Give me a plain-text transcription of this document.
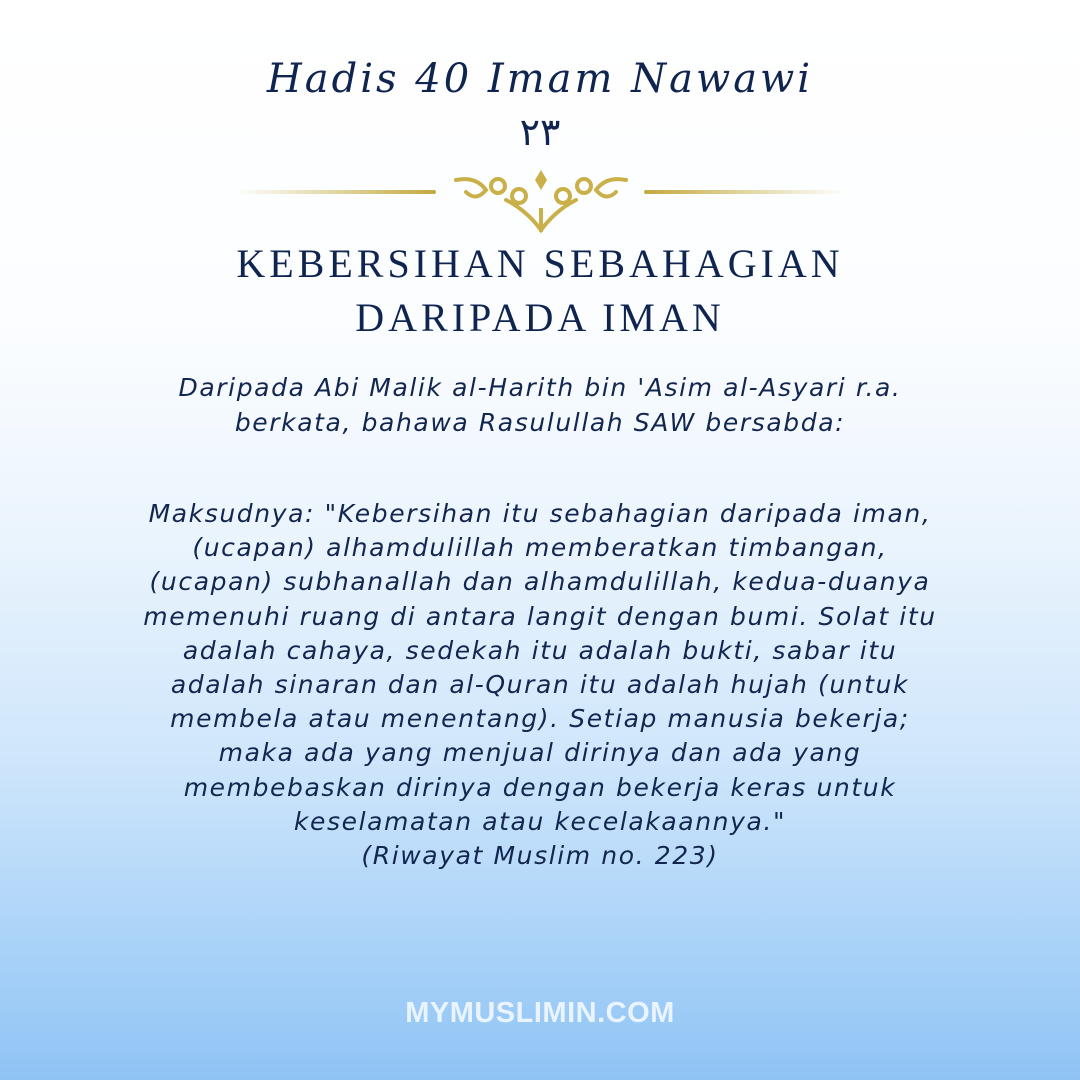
Hadis 40 Imam Nawawi
٢٣
KEBERSIHAN SEBAHAGIAN
DARIPADA IMAN
Daripada Abi Malik al-Harith bin 'Asim al-Asyari r.a.
berkata, bahawa Rasulullah SAW bersabda:
Maksudnya: "Kebersihan itu sebahagian daripada iman,
(ucapan) alhamdulillah memberatkan timbangan,
(ucapan) subhanallah dan alhamdulillah, kedua-duanya
memenuhi ruang di antara langit dengan bumi. Solat itu
adalah cahaya, sedekah itu adalah bukti, sabar itu
adalah sinaran dan al-Quran itu adalah hujah (untuk
membela atau menentang). Setiap manusia bekerja;
maka ada yang menjual dirinya dan ada yang
membebaskan dirinya dengan bekerja keras untuk
keselamatan atau kecelakaannya."
(Riwayat Muslim no. 223)
MYMUSLIMIN.COM
